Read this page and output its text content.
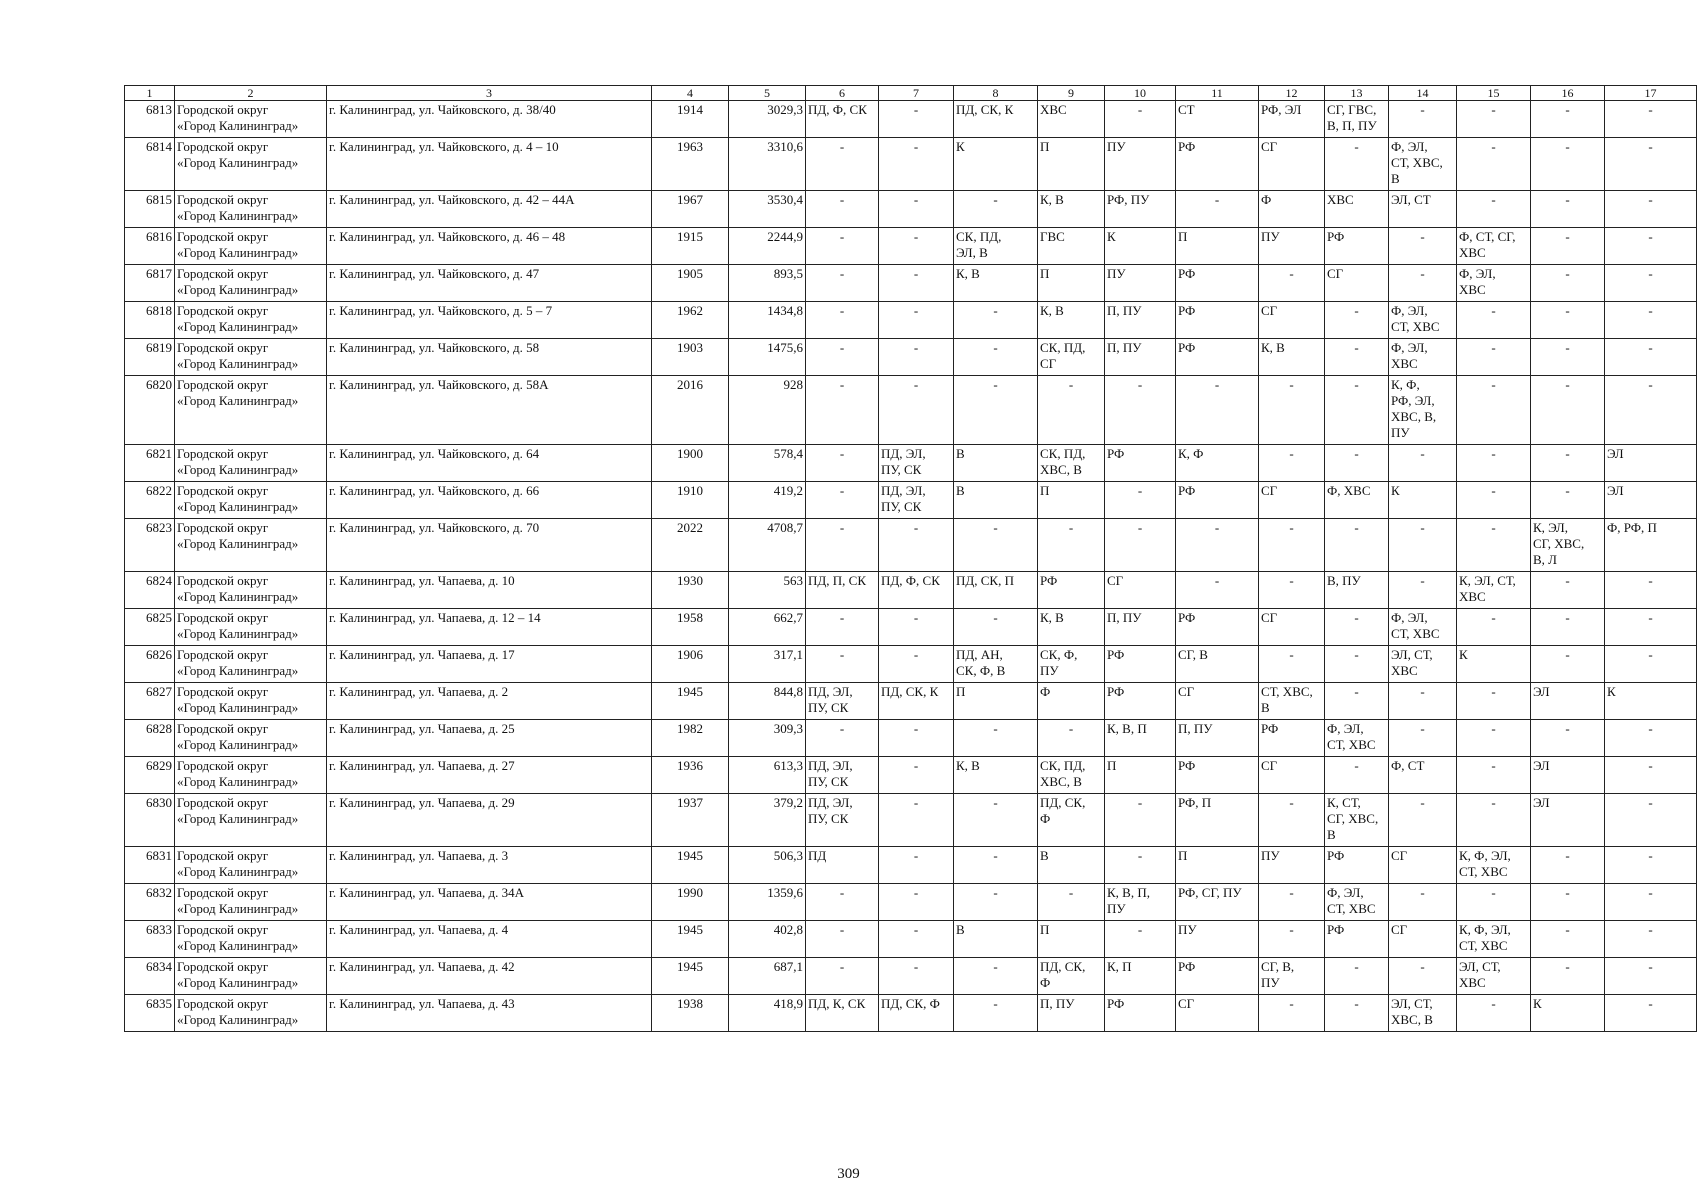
1	2	3	4	5	6	7	8	9	10	11	12	13	14	15	16	17
6813	Городской округ
«Город Калининград»	г. Калининград, ул. Чайковского, д. 38/40	1914	3029,3	ПД, Ф, СК	-	ПД, СК, К	ХВС	-	СТ	РФ, ЭЛ	СГ, ГВС,
В, П, ПУ	-	-	-	-
6814	Городской округ
«Город Калининград»	г. Калининград, ул. Чайковского, д. 4 – 10	1963	3310,6	-	-	К	П	ПУ	РФ	СГ	-	Ф, ЭЛ,
СТ, ХВС,
В	-	-	-
6815	Городской округ
«Город Калининград»	г. Калининград, ул. Чайковского, д. 42 – 44А	1967	3530,4	-	-	-	К, В	РФ, ПУ	-	Ф	ХВС	ЭЛ, СТ	-	-	-
6816	Городской округ
«Город Калининград»	г. Калининград, ул. Чайковского, д. 46 – 48	1915	2244,9	-	-	СК, ПД,
ЭЛ, В	ГВС	К	П	ПУ	РФ	-	Ф, СТ, СГ,
ХВС	-	-
6817	Городской округ
«Город Калининград»	г. Калининград, ул. Чайковского, д. 47	1905	893,5	-	-	К, В	П	ПУ	РФ	-	СГ	-	Ф, ЭЛ,
ХВС	-	-
6818	Городской округ
«Город Калининград»	г. Калининград, ул. Чайковского, д. 5 – 7	1962	1434,8	-	-	-	К, В	П, ПУ	РФ	СГ	-	Ф, ЭЛ,
СТ, ХВС	-	-	-
6819	Городской округ
«Город Калининград»	г. Калининград, ул. Чайковского, д. 58	1903	1475,6	-	-	-	СК, ПД,
СГ	П, ПУ	РФ	К, В	-	Ф, ЭЛ,
ХВС	-	-	-
6820	Городской округ
«Город Калининград»	г. Калининград, ул. Чайковского, д. 58А	2016	928	-	-	-	-	-	-	-	-	К, Ф,
РФ, ЭЛ,
ХВС, В,
ПУ	-	-	-
6821	Городской округ
«Город Калининград»	г. Калининград, ул. Чайковского, д. 64	1900	578,4	-	ПД, ЭЛ,
ПУ, СК	В	СК, ПД,
ХВС, В	РФ	К, Ф	-	-	-	-	-	ЭЛ
6822	Городской округ
«Город Калининград»	г. Калининград, ул. Чайковского, д. 66	1910	419,2	-	ПД, ЭЛ,
ПУ, СК	В	П	-	РФ	СГ	Ф, ХВС	К	-	-	ЭЛ
6823	Городской округ
«Город Калининград»	г. Калининград, ул. Чайковского, д. 70	2022	4708,7	-	-	-	-	-	-	-	-	-	-	К, ЭЛ,
СГ, ХВС,
В, Л	Ф, РФ, П
6824	Городской округ
«Город Калининград»	г. Калининград, ул. Чапаева, д. 10	1930	563	ПД, П, СК	ПД, Ф, СК	ПД, СК, П	РФ	СГ	-	-	В, ПУ	-	К, ЭЛ, СТ,
ХВС	-	-
6825	Городской округ
«Город Калининград»	г. Калининград, ул. Чапаева, д. 12 – 14	1958	662,7	-	-	-	К, В	П, ПУ	РФ	СГ	-	Ф, ЭЛ,
СТ, ХВС	-	-	-
6826	Городской округ
«Город Калининград»	г. Калининград, ул. Чапаева, д. 17	1906	317,1	-	-	ПД, АН,
СК, Ф, В	СК, Ф,
ПУ	РФ	СГ, В	-	-	ЭЛ, СТ,
ХВС	К	-	-
6827	Городской округ
«Город Калининград»	г. Калининград, ул. Чапаева, д. 2	1945	844,8	ПД, ЭЛ,
ПУ, СК	ПД, СК, К	П	Ф	РФ	СГ	СТ, ХВС,
В	-	-	-	ЭЛ	К
6828	Городской округ
«Город Калининград»	г. Калининград, ул. Чапаева, д. 25	1982	309,3	-	-	-	-	К, В, П	П, ПУ	РФ	Ф, ЭЛ,
СТ, ХВС	-	-	-	-
6829	Городской округ
«Город Калининград»	г. Калининград, ул. Чапаева, д. 27	1936	613,3	ПД, ЭЛ,
ПУ, СК	-	К, В	СК, ПД,
ХВС, В	П	РФ	СГ	-	Ф, СТ	-	ЭЛ	-
6830	Городской округ
«Город Калининград»	г. Калининград, ул. Чапаева, д. 29	1937	379,2	ПД, ЭЛ,
ПУ, СК	-	-	ПД, СК,
Ф	-	РФ, П	-	К, СТ,
СГ, ХВС,
В	-	-	ЭЛ	-
6831	Городской округ
«Город Калининград»	г. Калининград, ул. Чапаева, д. 3	1945	506,3	ПД	-	-	В	-	П	ПУ	РФ	СГ	К, Ф, ЭЛ,
СТ, ХВС	-	-
6832	Городской округ
«Город Калининград»	г. Калининград, ул. Чапаева, д. 34А	1990	1359,6	-	-	-	-	К, В, П,
ПУ	РФ, СГ, ПУ	-	Ф, ЭЛ,
СТ, ХВС	-	-	-	-
6833	Городской округ
«Город Калининград»	г. Калининград, ул. Чапаева, д. 4	1945	402,8	-	-	В	П	-	ПУ	-	РФ	СГ	К, Ф, ЭЛ,
СТ, ХВС	-	-
6834	Городской округ
«Город Калининград»	г. Калининград, ул. Чапаева, д. 42	1945	687,1	-	-	-	ПД, СК,
Ф	К, П	РФ	СГ, В,
ПУ	-	-	ЭЛ, СТ,
ХВС	-	-
6835	Городской округ
«Город Калининград»	г. Калининград, ул. Чапаева, д. 43	1938	418,9	ПД, К, СК	ПД, СК, Ф	-	П, ПУ	РФ	СГ	-	-	ЭЛ, СТ,
ХВС, В	-	К	-
309
